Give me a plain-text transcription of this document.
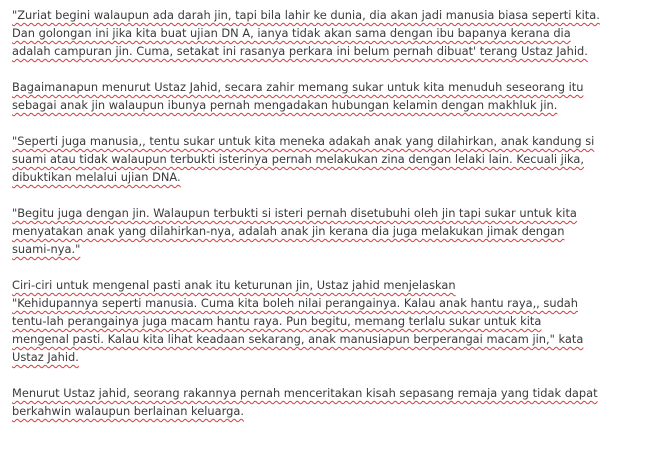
"Zuriat begini walaupun ada darah jin, tapi bila lahir ke dunia, dia akan jadi manusia biasa seperti kita.
Dan golongan ini jika kita buat ujian DN A, ianya tidak akan sama dengan ibu bapanya kerana dia
adalah campuran jin. Cuma, setakat ini rasanya perkara ini belum pernah dibuat' terang Ustaz Jahid.

Bagaimanapun menurut Ustaz Jahid, secara zahir memang sukar untuk kita menuduh seseorang itu
sebagai anak jin walaupun ibunya pernah mengadakan hubungan kelamin dengan makhluk jin.

"Seperti juga manusia,, tentu sukar untuk kita meneka adakah anak yang dilahirkan, anak kandung si
suami atau tidak walaupun terbukti isterinya pernah melakukan zina dengan lelaki lain. Kecuali jika,
dibuktikan melalui ujian DNA.

"Begitu juga dengan jin. Walaupun terbukti si isteri pernah disetubuhi oleh jin tapi sukar untuk kita
menyatakan anak yang dilahirkan-nya, adalah anak jin kerana dia juga melakukan jimak dengan
suami-nya."

Ciri-ciri untuk mengenal pasti anak itu keturunan jin, Ustaz jahid menjelaskan
"Kehidupannya seperti manusia. Cuma kita boleh nilai perangainya. Kalau anak hantu raya,, sudah
tentu-lah perangainya juga macam hantu raya. Pun begitu, memang terlalu sukar untuk kita
mengenal pasti. Kalau kita lihat keadaan sekarang, anak manusiapun berperangai macam jin," kata
Ustaz Jahid.

Menurut Ustaz jahid, seorang rakannya pernah menceritakan kisah sepasang remaja yang tidak dapat
berkahwin walaupun berlainan keluarga.
